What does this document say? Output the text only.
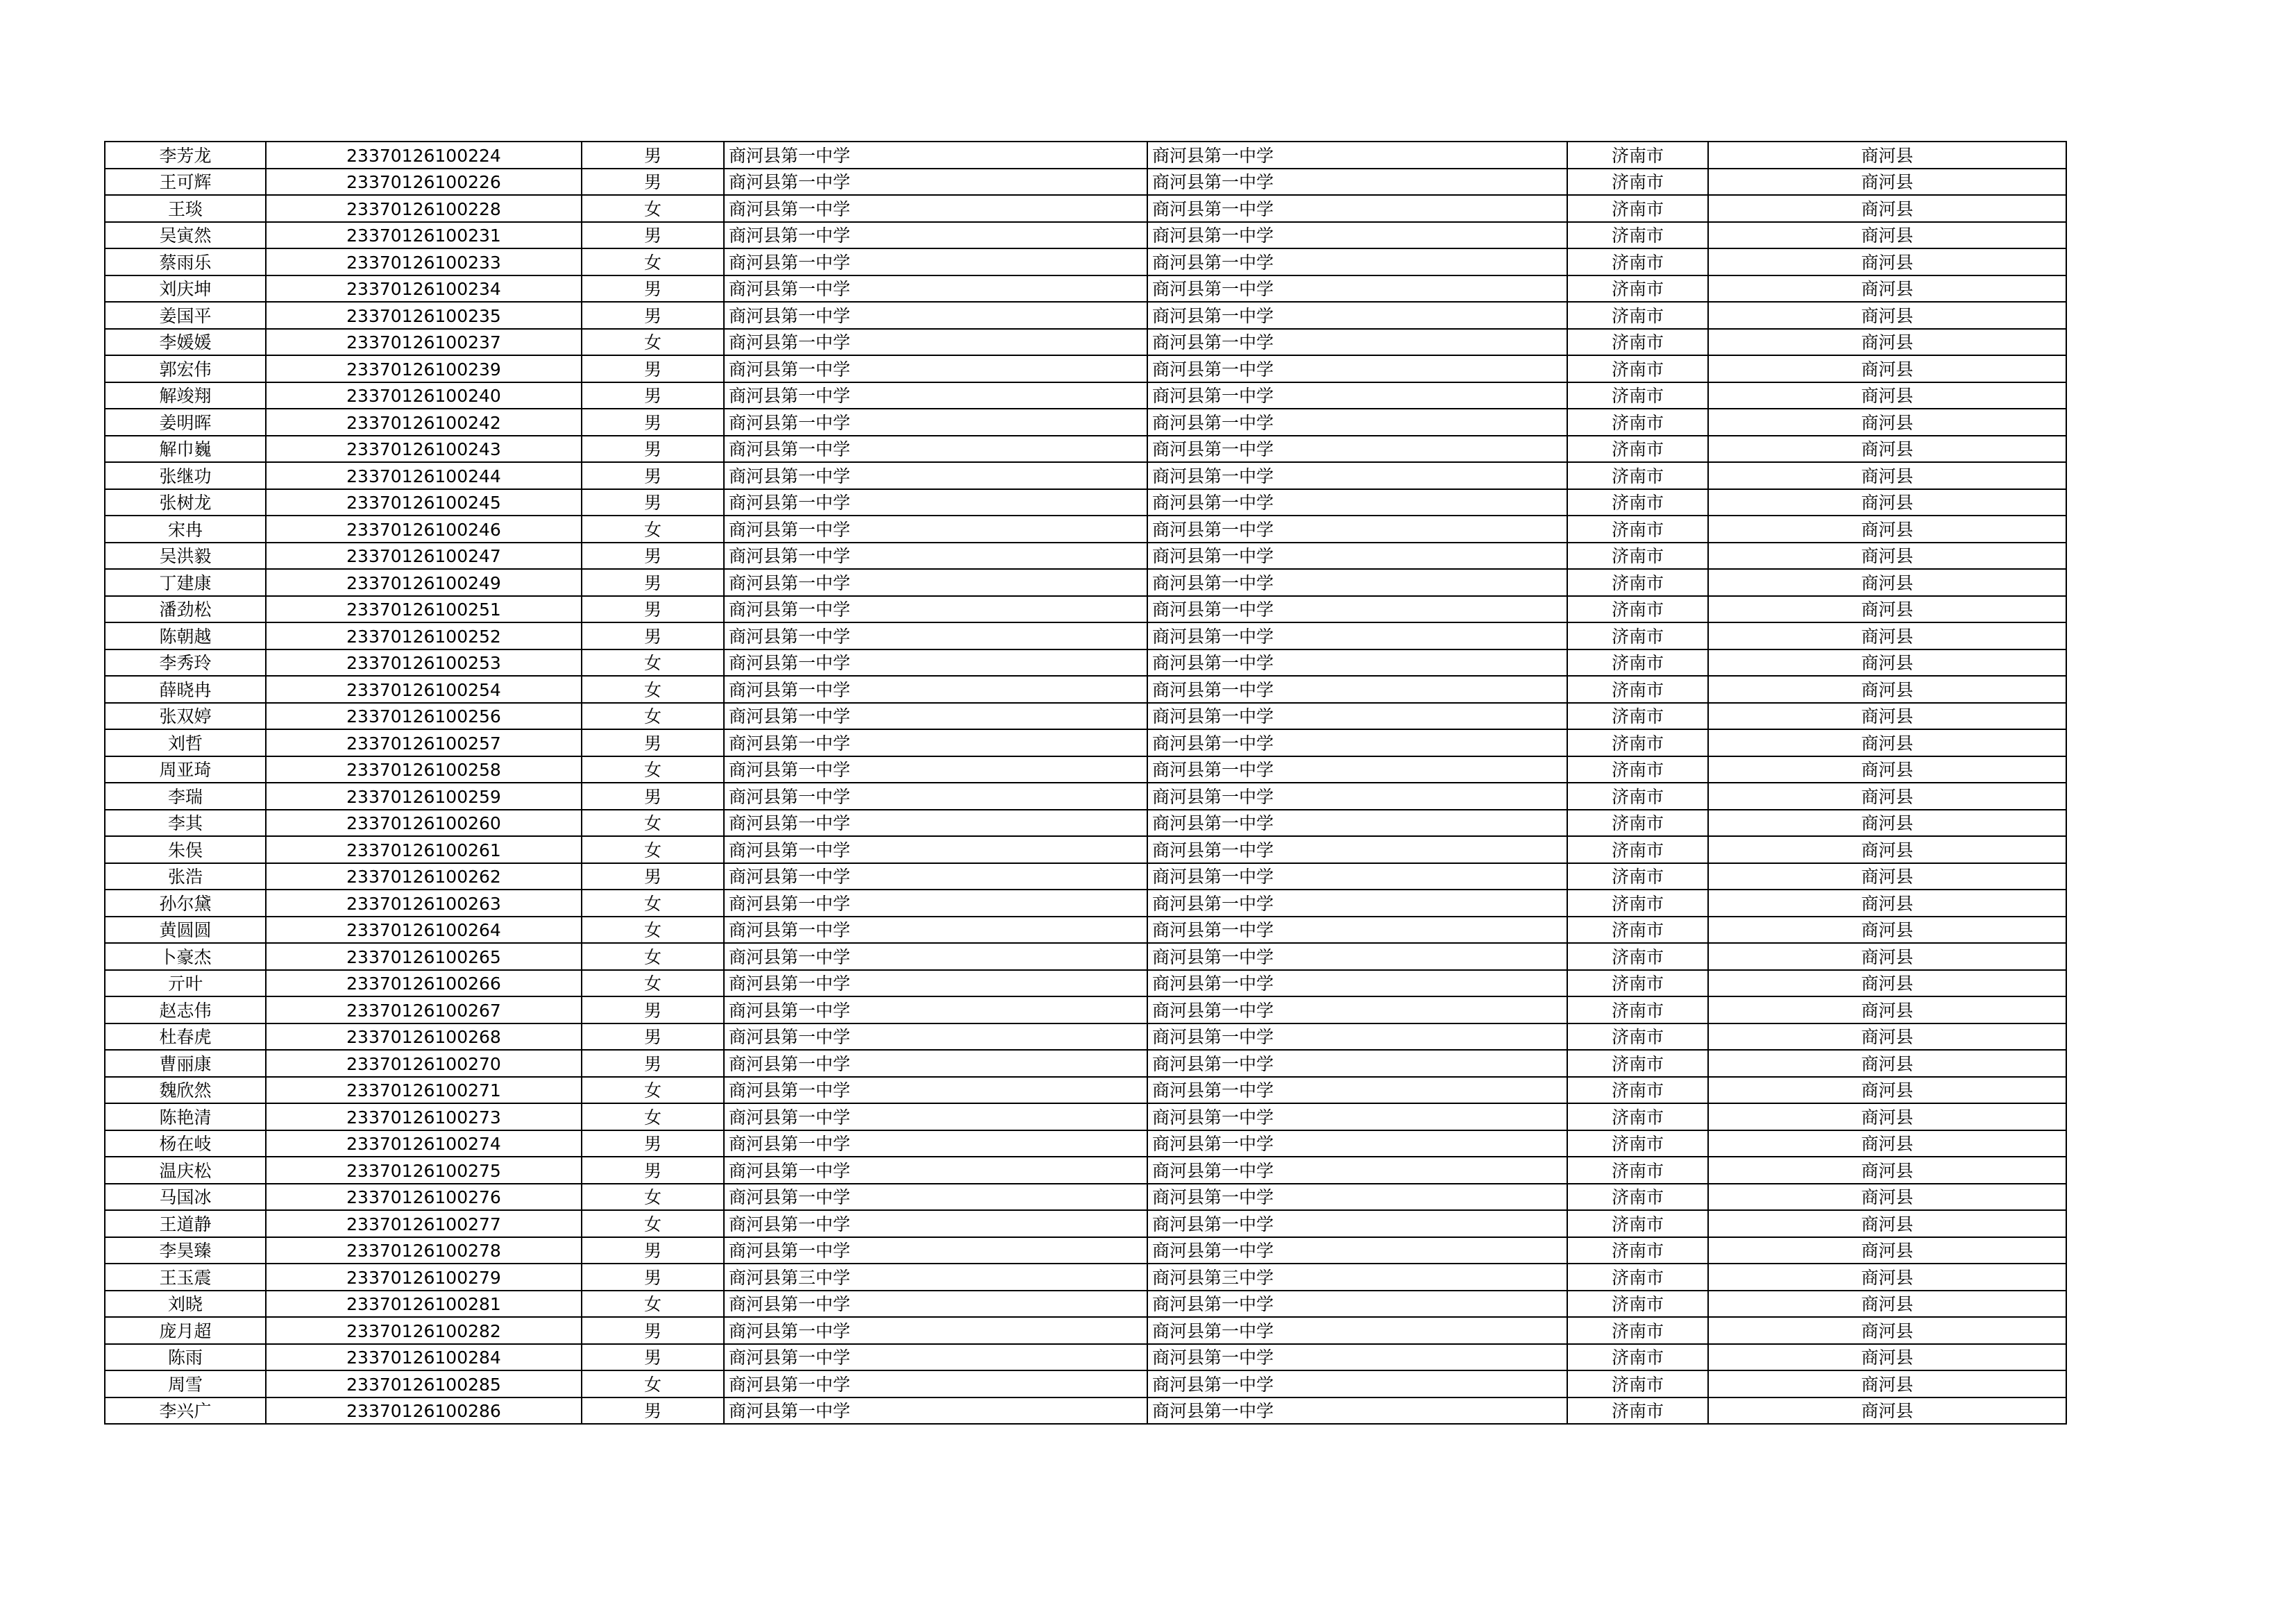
李芳龙	23370126100224	男	商河县第一中学	商河县第一中学	济南市	商河县
王可辉	23370126100226	男	商河县第一中学	商河县第一中学	济南市	商河县
王琰	23370126100228	女	商河县第一中学	商河县第一中学	济南市	商河县
吴寅然	23370126100231	男	商河县第一中学	商河县第一中学	济南市	商河县
蔡雨乐	23370126100233	女	商河县第一中学	商河县第一中学	济南市	商河县
刘庆坤	23370126100234	男	商河县第一中学	商河县第一中学	济南市	商河县
姜国平	23370126100235	男	商河县第一中学	商河县第一中学	济南市	商河县
李媛媛	23370126100237	女	商河县第一中学	商河县第一中学	济南市	商河县
郭宏伟	23370126100239	男	商河县第一中学	商河县第一中学	济南市	商河县
解竣翔	23370126100240	男	商河县第一中学	商河县第一中学	济南市	商河县
姜明晖	23370126100242	男	商河县第一中学	商河县第一中学	济南市	商河县
解巾巍	23370126100243	男	商河县第一中学	商河县第一中学	济南市	商河县
张继功	23370126100244	男	商河县第一中学	商河县第一中学	济南市	商河县
张树龙	23370126100245	男	商河县第一中学	商河县第一中学	济南市	商河县
宋冉	23370126100246	女	商河县第一中学	商河县第一中学	济南市	商河县
吴洪毅	23370126100247	男	商河县第一中学	商河县第一中学	济南市	商河县
丁建康	23370126100249	男	商河县第一中学	商河县第一中学	济南市	商河县
潘劲松	23370126100251	男	商河县第一中学	商河县第一中学	济南市	商河县
陈朝越	23370126100252	男	商河县第一中学	商河县第一中学	济南市	商河县
李秀玲	23370126100253	女	商河县第一中学	商河县第一中学	济南市	商河县
薛晓冉	23370126100254	女	商河县第一中学	商河县第一中学	济南市	商河县
张双婷	23370126100256	女	商河县第一中学	商河县第一中学	济南市	商河县
刘哲	23370126100257	男	商河县第一中学	商河县第一中学	济南市	商河县
周亚琦	23370126100258	女	商河县第一中学	商河县第一中学	济南市	商河县
李瑞	23370126100259	男	商河县第一中学	商河县第一中学	济南市	商河县
李其	23370126100260	女	商河县第一中学	商河县第一中学	济南市	商河县
朱俣	23370126100261	女	商河县第一中学	商河县第一中学	济南市	商河县
张浩	23370126100262	男	商河县第一中学	商河县第一中学	济南市	商河县
孙尔黛	23370126100263	女	商河县第一中学	商河县第一中学	济南市	商河县
黄圆圆	23370126100264	女	商河县第一中学	商河县第一中学	济南市	商河县
卜豪杰	23370126100265	女	商河县第一中学	商河县第一中学	济南市	商河县
亓叶	23370126100266	女	商河县第一中学	商河县第一中学	济南市	商河县
赵志伟	23370126100267	男	商河县第一中学	商河县第一中学	济南市	商河县
杜春虎	23370126100268	男	商河县第一中学	商河县第一中学	济南市	商河县
曹丽康	23370126100270	男	商河县第一中学	商河县第一中学	济南市	商河县
魏欣然	23370126100271	女	商河县第一中学	商河县第一中学	济南市	商河县
陈艳清	23370126100273	女	商河县第一中学	商河县第一中学	济南市	商河县
杨在岐	23370126100274	男	商河县第一中学	商河县第一中学	济南市	商河县
温庆松	23370126100275	男	商河县第一中学	商河县第一中学	济南市	商河县
马国冰	23370126100276	女	商河县第一中学	商河县第一中学	济南市	商河县
王道静	23370126100277	女	商河县第一中学	商河县第一中学	济南市	商河县
李昊臻	23370126100278	男	商河县第一中学	商河县第一中学	济南市	商河县
王玉震	23370126100279	男	商河县第三中学	商河县第三中学	济南市	商河县
刘晓	23370126100281	女	商河县第一中学	商河县第一中学	济南市	商河县
庞月超	23370126100282	男	商河县第一中学	商河县第一中学	济南市	商河县
陈雨	23370126100284	男	商河县第一中学	商河县第一中学	济南市	商河县
周雪	23370126100285	女	商河县第一中学	商河县第一中学	济南市	商河县
李兴广	23370126100286	男	商河县第一中学	商河县第一中学	济南市	商河县
